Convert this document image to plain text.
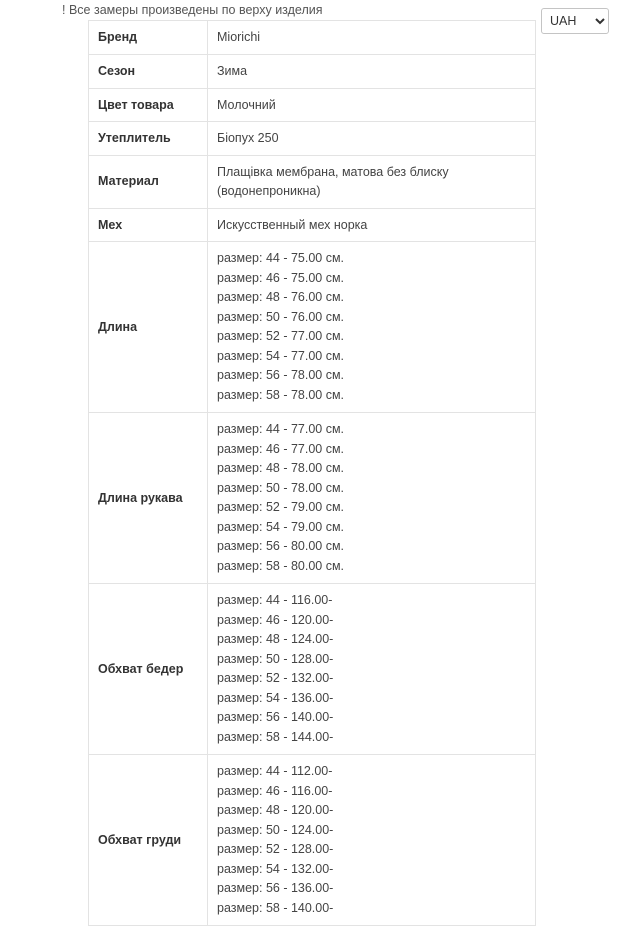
! Все замеры произведены по верху изделия
UAH
Бренд	Miorichi
Сезон	Зима
Цвет товара	Молочний
Утеплитель	Біопух 250
Материал	Плащівка мембрана, матова без блиску (водонепроникна)
Мех	Искусственный мех норка
Длина	
размер: 44 - 75.00 см.
размер: 46 - 75.00 см.
размер: 48 - 76.00 см.
размер: 50 - 76.00 см.
размер: 52 - 77.00 см.
размер: 54 - 77.00 см.
размер: 56 - 78.00 см.
размер: 58 - 78.00 см.

Длина рукава	
размер: 44 - 77.00 см.
размер: 46 - 77.00 см.
размер: 48 - 78.00 см.
размер: 50 - 78.00 см.
размер: 52 - 79.00 см.
размер: 54 - 79.00 см.
размер: 56 - 80.00 см.
размер: 58 - 80.00 см.

Обхват бедер	
размер: 44 - 116.00-
размер: 46 - 120.00-
размер: 48 - 124.00-
размер: 50 - 128.00-
размер: 52 - 132.00-
размер: 54 - 136.00-
размер: 56 - 140.00-
размер: 58 - 144.00-

Обхват груди	
размер: 44 - 112.00-
размер: 46 - 116.00-
размер: 48 - 120.00-
размер: 50 - 124.00-
размер: 52 - 128.00-
размер: 54 - 132.00-
размер: 56 - 136.00-
размер: 58 - 140.00-
